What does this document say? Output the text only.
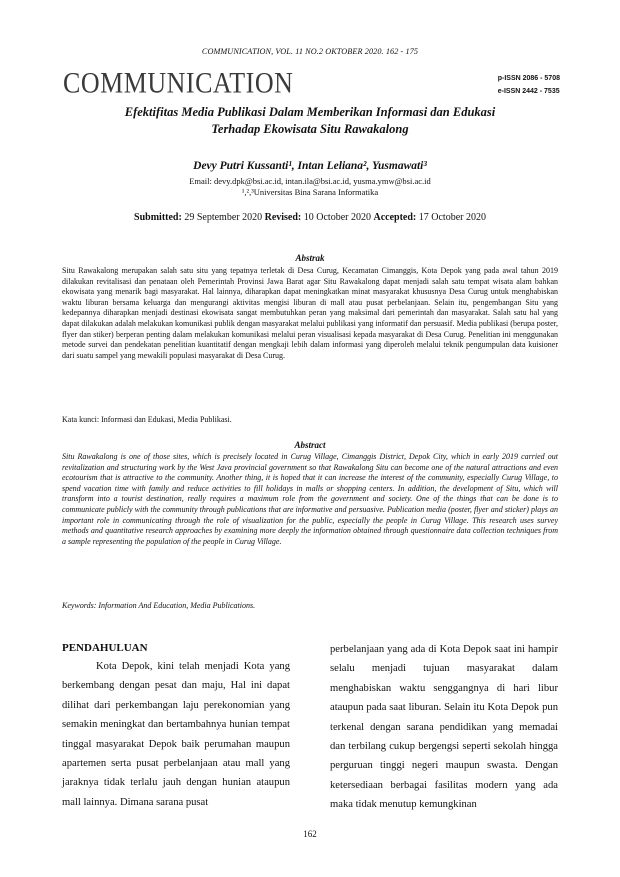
COMMUNICATION, VOL. 11 NO.2 OKTOBER 2020. 162 - 175
COMMUNICATION	p-ISSN 2086 - 5708
e-ISSN 2442 - 7535
Efektifitas Media Publikasi Dalam Memberikan Informasi dan Edukasi
Terhadap Ekowisata Situ Rawakalong
Devy Putri Kussanti¹, Intan Leliana², Yusmawati³
Email: devy.dpk@bsi.ac.id, intan.ila@bsi.ac.id, yusma.ymw@bsi.ac.id
¹,²,³Universitas Bina Sarana Informatika
Submitted: 29 September 2020 Revised: 10 October 2020 Accepted: 17 October 2020
Abstrak
Situ Rawakalong merupakan salah satu situ yang tepatnya terletak di Desa Curug, Kecamatan Cimanggis, Kota Depok yang pada awal tahun 2019 dilakukan revitalisasi dan penataan oleh Pemerintah Provinsi Jawa Barat agar Situ Rawakalong dapat menjadi salah satu tempat wisata alam bahkan ekowisata yang menarik bagi masyarakat. Hal lainnya, diharapkan dapat meningkatkan minat masyarakat khususnya Desa Curug untuk menghabiskan waktu liburan bersama keluarga dan mengurangi aktivitas mengisi liburan di mall atau pusat perbelanjaan. Selain itu, pengembangan Situ yang kedepannya diharapkan menjadi destinasi ekowisata sangat membutuhkan peran yang maksimal dari pemerintah dan masyarakat. Salah satu hal yang dapat dilakukan adalah melakukan komunikasi publik dengan masyarakat melalui publikasi yang informatif dan persuasif. Media publikasi (berupa poster, flyer dan stiker) berperan penting dalam melakukan komunikasi melalui peran visualisasi kepada masyarakat di Desa Curug. Penelitian ini menggunakan metode survei dan pendekatan penelitian kuantitatif dengan mengkaji lebih dalam informasi yang diperoleh melalui teknik pengumpulan data kuisioner dari suatu sampel yang mewakili populasi masyarakat di Desa Curug.
Kata kunci: Informasi dan Edukasi, Media Publikasi.
Abstract
Situ Rawakalong is one of those sites, which is precisely located in Curug Village, Cimanggis District, Depok City, which in early 2019 carried out revitalization and structuring work by the West Java provincial government so that Rawakalong Situ can become one of the natural attractions and even ecotourism that is attractive to the community. Another thing, it is hoped that it can increase the interest of the community, especially Curug Village, to spend vacation time with family and reduce activities to fill holidays in malls or shopping centers. In addition, the development of Situ, which will transform into a tourist destination, really requires a maximum role from the government and society. One of the things that can be done is to communicate publicly with the community through publications that are informative and persuasive. Publication media (poster, flyer and sticker) plays an important role in communicating through the role of visualization for the public, especially the people in Curug Village. This research uses survey methods and quantitative research approaches by examining more deeply the information obtained through questionnaire data collection techniques from a sample representing the population of the people in Curug Village.
Keywords: Information And Education, Media Publications.

PENDAHULUAN

Kota Depok, kini telah menjadi Kota yang berkembang dengan pesat dan maju, Hal ini dapat dilihat dari perkembangan laju perekonomian yang semakin meningkat dan bertambahnya hunian tempat tinggal masyarakat Depok baik perumahan maupun apartemen serta pusat perbelanjaan atau mall yang jaraknya tidak terlalu jauh dengan hunian ataupun mall lainnya. Dimana sarana pusat

perbelanjaan yang ada di Kota Depok saat ini hampir selalu menjadi tujuan masyarakat dalam menghabiskan waktu senggangnya di hari libur ataupun pada saat liburan. Selain itu Kota Depok pun terkenal dengan sarana pendidikan yang memadai dan terbilang cukup bergengsi seperti sekolah hingga perguruan tinggi negeri maupun swasta. Dengan ketersediaan berbagai fasilitas modern yang ada maka tidak menutup kemungkinan

162
